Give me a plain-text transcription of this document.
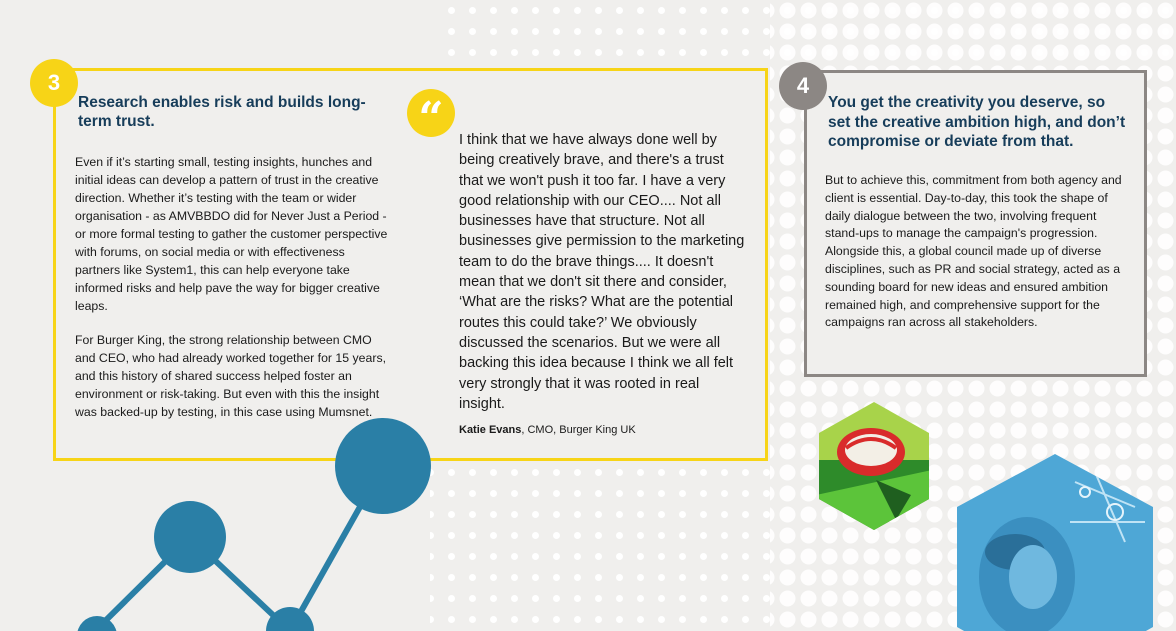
3	4
Research enables risk and builds long-term trust.

Even if it’s starting small, testing insights, hunches and initial ideas can develop a pattern of trust in the creative direction. Whether it’s testing with the team or wider organisation - as AMVBBDO did for Never Just a Period - or more formal testing to gather the customer perspective with forums, on social media or with effectiveness partners like System1, this can help everyone take informed risks and help pave the way for bigger creative leaps.

For Burger King, the strong relationship between CMO and CEO, who had already worked together for 15 years, and this history of shared success helped foster an environment or risk-taking. But even with this the insight was backed-up by testing, in this case using Mumsnet.

“	I think that we have always done well by being creatively brave, and there's a trust that we won't push it too far. I have a very good relationship with our CEO.... Not all businesses have that structure. Not all businesses give permission to the marketing team to do the brave things.... It doesn't mean that we don't sit there and consider, ‘What are the risks? What are the potential routes this could take?’ We obviously discussed the scenarios. But we were all backing this idea because I think we all felt very strongly that it was rooted in real insight.

Katie Evans, CMO, Burger King UK

You get the creativity you deserve, so set the creative ambition high, and don’t compromise or deviate from that.

But to achieve this, commitment from both agency and client is essential. Day-to-day, this took the shape of daily dialogue between the two, involving frequent stand-ups to manage the campaign's progression. Alongside this, a global council made up of diverse disciplines, such as PR and social strategy, acted as a sounding board for new ideas and ensured ambition remained high, and comprehensive support for the campaigns ran across all stakeholders.
